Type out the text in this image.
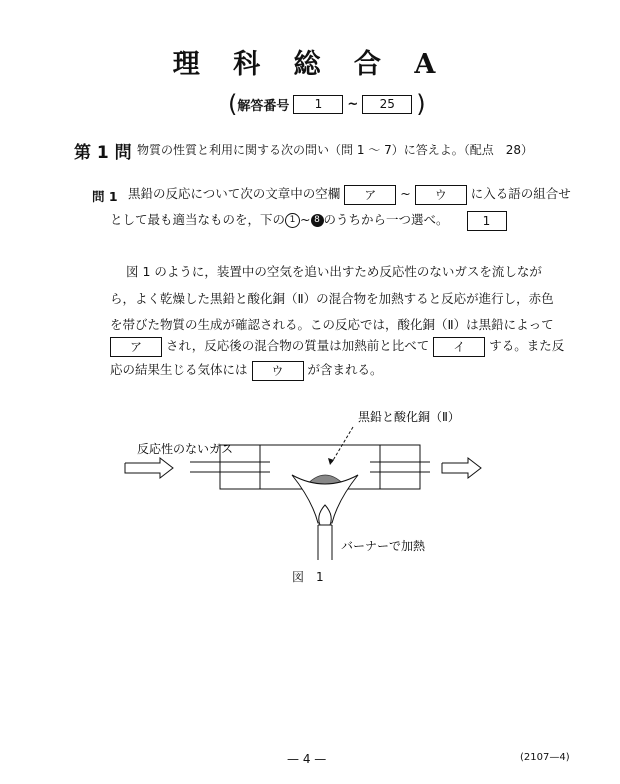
理 科 総 合 A
( 解答番号	1	~	25 )
第 1 問 物質の性質と利用に関する次の問い（問 1 ～ 7）に答えよ。（配点　28）
問 1 黒鉛の反応について次の文章中の空欄 ア ~ ウ に入る語の組合せ
として最も適当なものを，下の 1 ~ 8 のうちから一つ選べ。	1
図 1 のように，装置中の空気を追い出すため反応性のないガスを流しなが
ら，よく乾燥した黒鉛と酸化銅（Ⅱ）の混合物を加熱すると反応が進行し，赤色
を帯びた物質の生成が確認される。この反応では，酸化銅（Ⅱ）は黒鉛によって
ア され，反応後の混合物の質量は加熱前と比べて イ する。また反
応の結果生じる気体には ウ が含まれる。
黒鉛と酸化銅（Ⅱ）
反応性のないガス
バーナーで加熱
図　1
— 4 —	(2107—4)
